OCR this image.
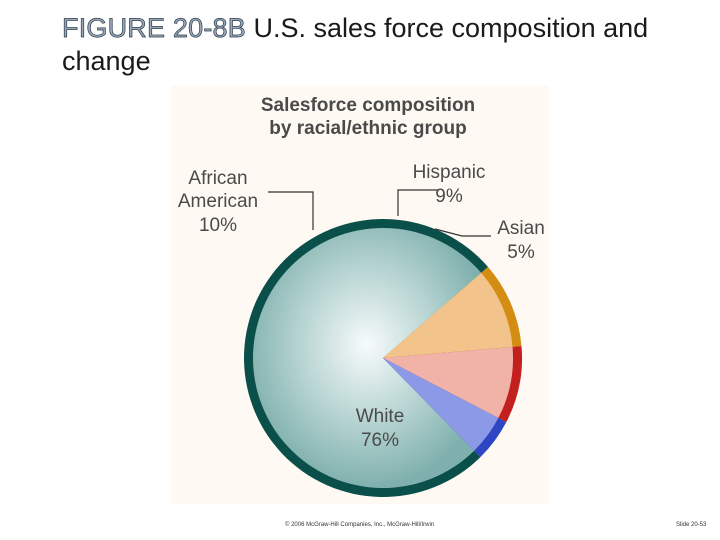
FIGURE 20-8B U.S. sales force composition and change
Salesforce composition
by racial/ethnic group
African
American
10%
Hispanic
9%
Asian
5%
White
76%
© 2006 McGraw-Hill Companies, Inc., McGraw-Hill/Irwin	Slide 20-53
